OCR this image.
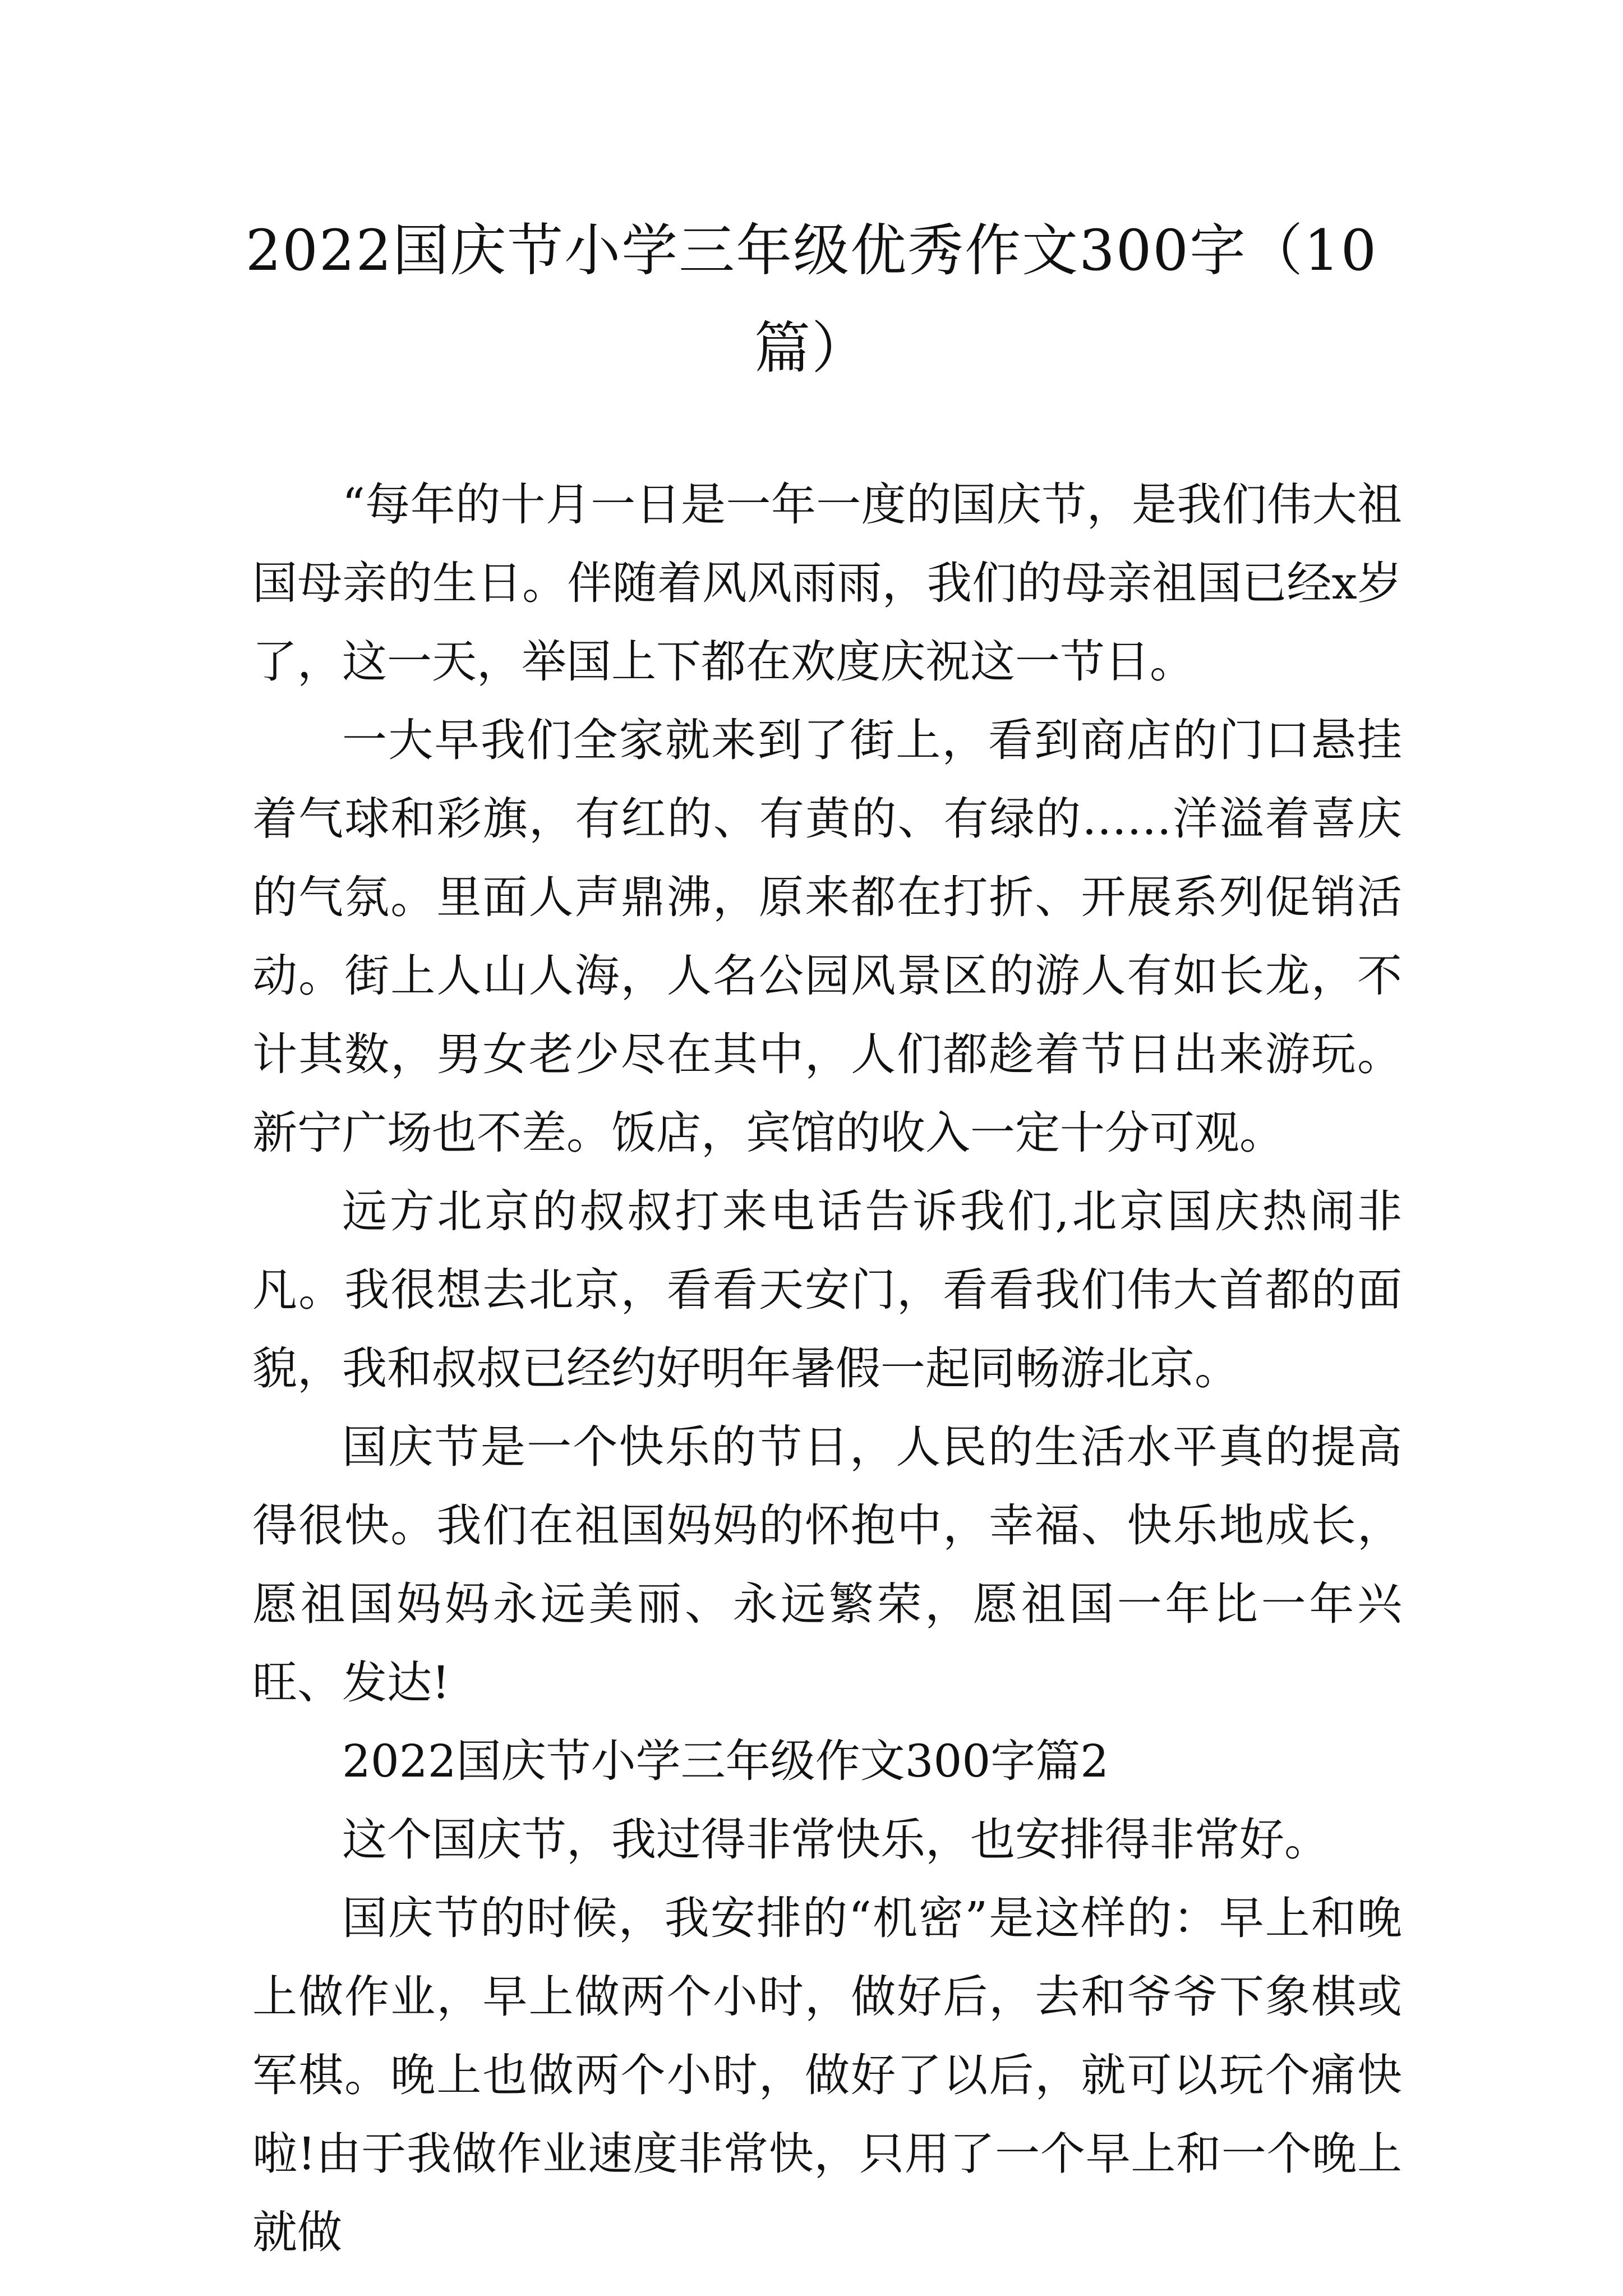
2022国庆节小学三年级优秀作文300字（10篇）

“每年的十月一日是一年一度的国庆节，是我们伟大祖国母亲的生日。伴随着风风雨雨，我们的母亲祖国已经x岁了，这一天，举国上下都在欢度庆祝这一节日。

一大早我们全家就来到了街上，看到商店的门口悬挂着气球和彩旗，有红的、有黄的、有绿的……洋溢着喜庆的气氛。里面人声鼎沸，原来都在打折、开展系列促销活动。街上人山人海，人名公园风景区的游人有如长龙，不计其数，男女老少尽在其中，人们都趁着节日出来游玩。新宁广场也不差。饭店，宾馆的收入一定十分可观。

远方北京的叔叔打来电话告诉我们,北京国庆热闹非凡。我很想去北京，看看天安门，看看我们伟大首都的面貌，我和叔叔已经约好明年暑假一起同畅游北京。

国庆节是一个快乐的节日，人民的生活水平真的提高得很快。我们在祖国妈妈的怀抱中，幸福、快乐地成长，愿祖国妈妈永远美丽、永远繁荣，愿祖国一年比一年兴旺、发达!

2022国庆节小学三年级作文300字篇2

这个国庆节，我过得非常快乐，也安排得非常好。

国庆节的时候，我安排的“机密”是这样的：早上和晚上做作业，早上做两个小时，做好后，去和爷爷下象棋或军棋。晚上也做两个小时，做好了以后，就可以玩个痛快啦!由于我做作业速度非常快，只用了一个早上和一个晚上就做
